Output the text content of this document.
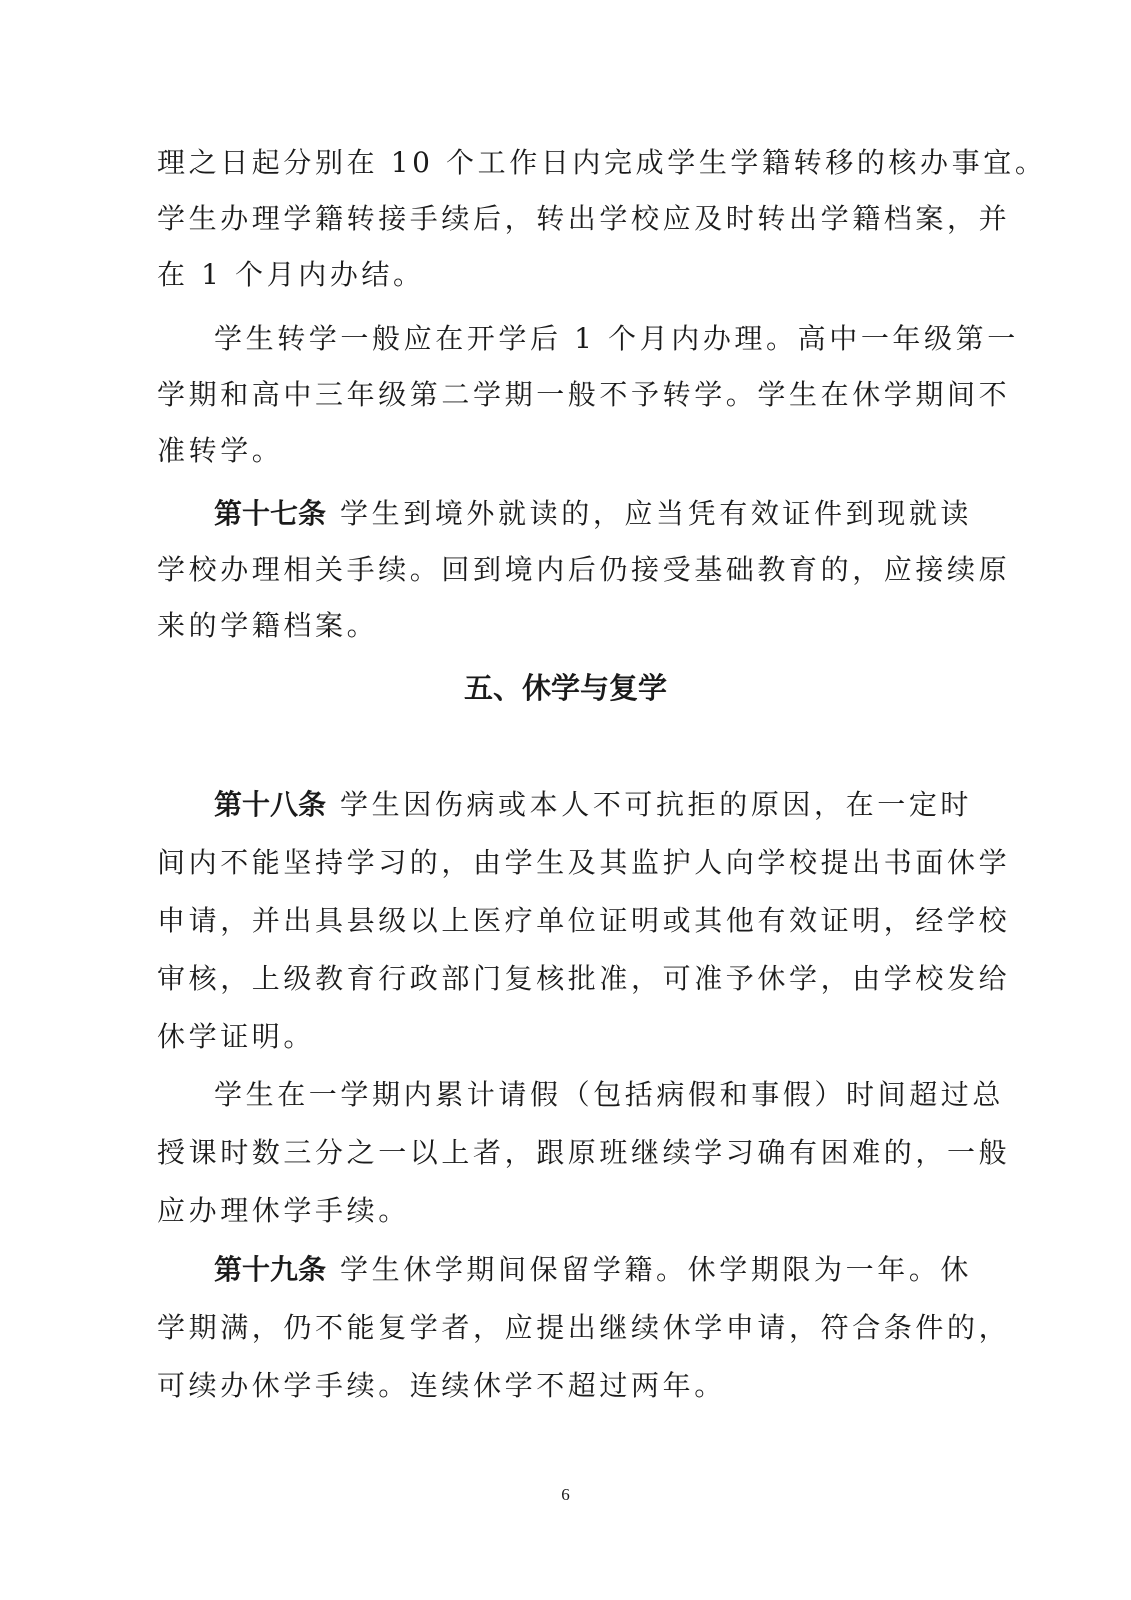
理之日起分别在 10 个工作日内完成学生学籍转移的核办事宜。
学生办理学籍转接手续后，转出学校应及时转出学籍档案，并
在 1 个月内办结。
学生转学一般应在开学后 1 个月内办理。高中一年级第一
学期和高中三年级第二学期一般不予转学。学生在休学期间不
准转学。
第十七条 学生到境外就读的，应当凭有效证件到现就读
学校办理相关手续。回到境内后仍接受基础教育的，应接续原
来的学籍档案。
五、休学与复学
第十八条 学生因伤病或本人不可抗拒的原因，在一定时
间内不能坚持学习的，由学生及其监护人向学校提出书面休学
申请，并出具县级以上医疗单位证明或其他有效证明，经学校
审核，上级教育行政部门复核批准，可准予休学，由学校发给
休学证明。
学生在一学期内累计请假（包括病假和事假）时间超过总
授课时数三分之一以上者，跟原班继续学习确有困难的，一般
应办理休学手续。
第十九条 学生休学期间保留学籍。休学期限为一年。休
学期满，仍不能复学者，应提出继续休学申请，符合条件的，
可续办休学手续。连续休学不超过两年。
6
